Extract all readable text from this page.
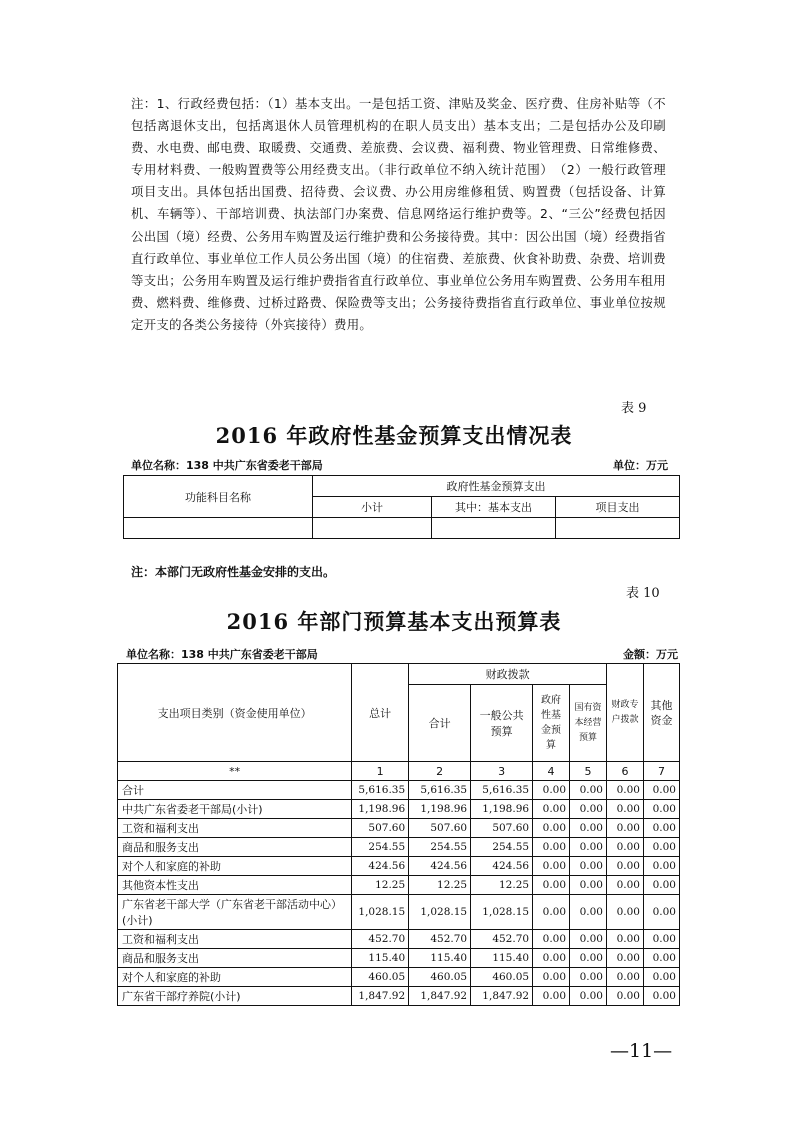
注：1、行政经费包括：（1）基本支出。一是包括工资、津贴及奖金、医疗费、住房补贴等（不包括离退休支出，包括离退休人员管理机构的在职人员支出）基本支出；二是包括办公及印刷费、水电费、邮电费、取暖费、交通费、差旅费、会议费、福利费、物业管理费、日常维修费、专用材料费、一般购置费等公用经费支出。（非行政单位不纳入统计范围）　（2）一般行政管理项目支出。具体包括出国费、招待费、会议费、办公用房维修租赁、购置费（包括设备、计算机、车辆等）、干部培训费、执法部门办案费、信息网络运行维护费等。2、“三公”经费包括因公出国（境）经费、公务用车购置及运行维护费和公务接待费。其中：因公出国（境）经费指省直行政单位、事业单位工作人员公务出国（境）的住宿费、差旅费、伙食补助费、杂费、培训费等支出；公务用车购置及运行维护费指省直行政单位、事业单位公务用车购置费、公务用车租用费、燃料费、维修费、过桥过路费、保险费等支出；公务接待费指省直行政单位、事业单位按规定开支的各类公务接待（外宾接待）费用。
表 9
2016 年政府性基金预算支出情况表
单位名称：138 中共广东省委老干部局	单位：万元
功能科目名称	政府性基金预算支出		
	小计	其中：基本支出	项目支出

注：本部门无政府性基金安排的支出。
表 10
2016 年部门预算基本支出预算表
单位名称：138 中共广东省委老干部局	金额：万元
支出项目类别（资金使用单位）	总计	财政拨款				财政专户拨款	其他资金
		合计	一般公共预算	政府性基金预算	国有资本经营预算		
**	1	2	3	4	5	6	7
合计	5,616.35	5,616.35	5,616.35	0.00	0.00	0.00	0.00
中共广东省委老干部局(小计)	1,198.96	1,198.96	1,198.96	0.00	0.00	0.00	0.00
工资和福利支出	507.60	507.60	507.60	0.00	0.00	0.00	0.00
商品和服务支出	254.55	254.55	254.55	0.00	0.00	0.00	0.00
对个人和家庭的补助	424.56	424.56	424.56	0.00	0.00	0.00	0.00
其他资本性支出	12.25	12.25	12.25	0.00	0.00	0.00	0.00
广东省老干部大学（广东省老干部活动中心）(小计)	1,028.15	1,028.15	1,028.15	0.00	0.00	0.00	0.00
工资和福利支出	452.70	452.70	452.70	0.00	0.00	0.00	0.00
商品和服务支出	115.40	115.40	115.40	0.00	0.00	0.00	0.00
对个人和家庭的补助	460.05	460.05	460.05	0.00	0.00	0.00	0.00
广东省干部疗养院(小计)	1,847.92	1,847.92	1,847.92	0.00	0.00	0.00	0.00
—11—
